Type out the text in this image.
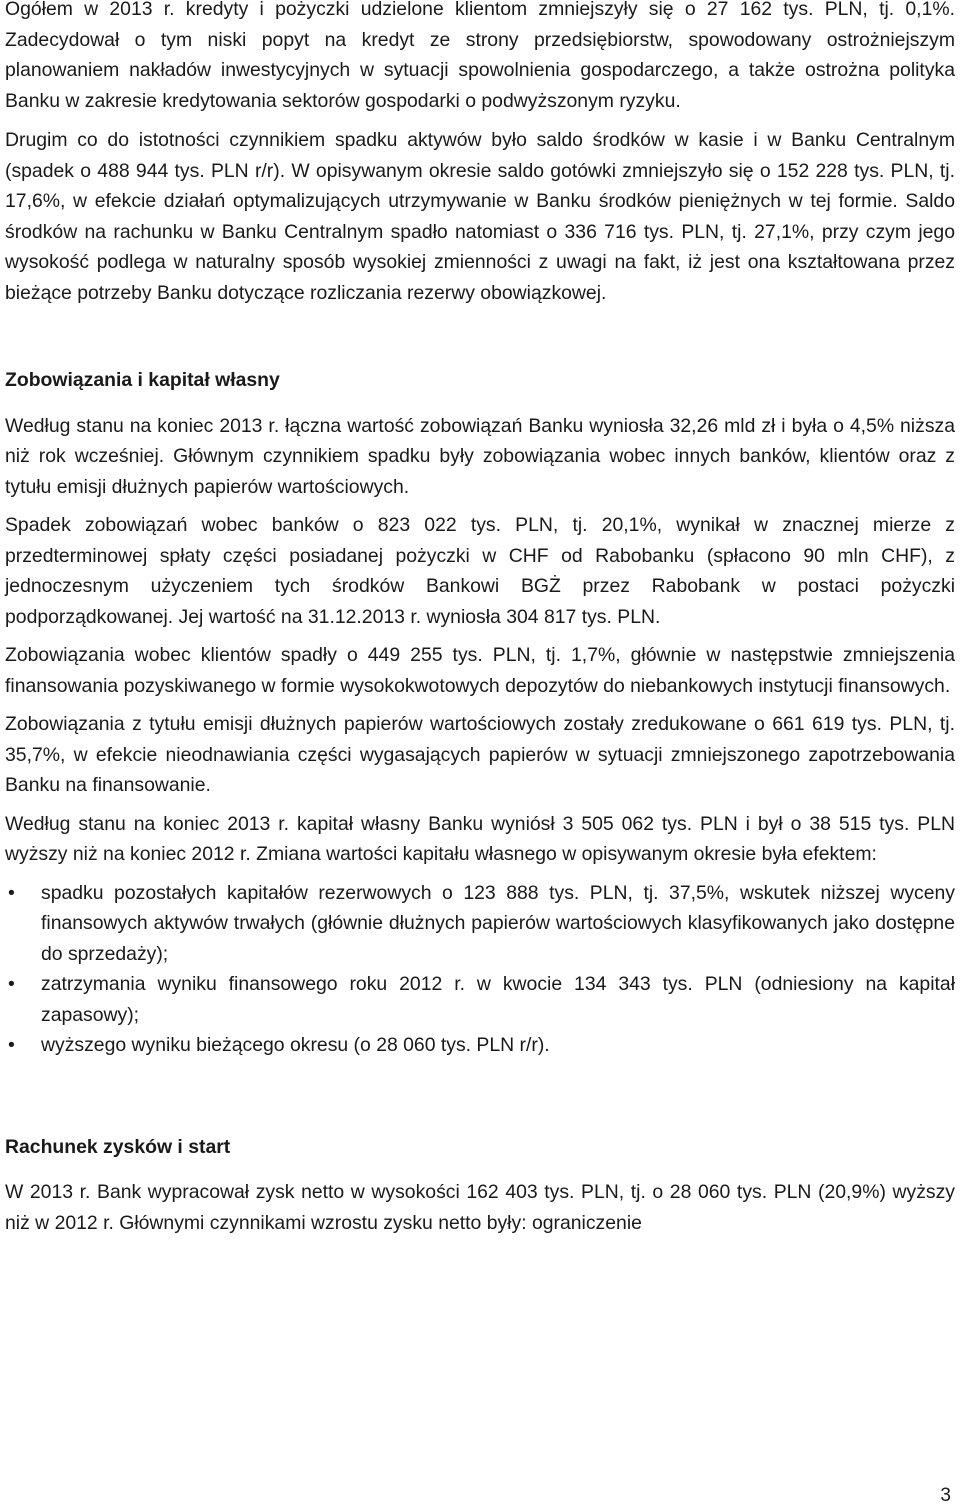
Ogółem w 2013 r. kredyty i pożyczki udzielone klientom zmniejszyły się o 27 162 tys. PLN, tj. 0,1%. Zadecydował o tym niski popyt na kredyt ze strony przedsiębiorstw, spowodowany ostrożniejszym planowaniem nakładów inwestycyjnych w sytuacji spowolnienia gospodarczego, a także ostrożna polityka Banku w zakresie kredytowania sektorów gospodarki o podwyższonym ryzyku.

Drugim co do istotności czynnikiem spadku aktywów było saldo środków w kasie i w Banku Centralnym (spadek o 488 944 tys. PLN r/r). W opisywanym okresie saldo gotówki zmniejszyło się o 152 228 tys. PLN, tj. 17,6%, w efekcie działań optymalizujących utrzymywanie w Banku środków pieniężnych w tej formie. Saldo środków na rachunku w Banku Centralnym spadło natomiast o 336 716 tys. PLN, tj. 27,1%, przy czym jego wysokość podlega w naturalny sposób wysokiej zmienności z uwagi na fakt, iż jest ona kształtowana przez bieżące potrzeby Banku dotyczące rozliczania rezerwy obowiązkowej.

Zobowiązania i kapitał własny

Według stanu na koniec 2013 r. łączna wartość zobowiązań Banku wyniosła 32,26 mld zł i była o 4,5% niższa niż rok wcześniej. Głównym czynnikiem spadku były zobowiązania wobec innych banków, klientów oraz z tytułu emisji dłużnych papierów wartościowych.

Spadek zobowiązań wobec banków o 823 022 tys. PLN, tj. 20,1%, wynikał w znacznej mierze z przedterminowej spłaty części posiadanej pożyczki w CHF od Rabobanku (spłacono 90 mln CHF), z jednoczesnym użyczeniem tych środków Bankowi BGŻ przez Rabobank w postaci pożyczki podporządkowanej. Jej wartość na 31.12.2013 r. wyniosła 304 817 tys. PLN.

Zobowiązania wobec klientów spadły o 449 255 tys. PLN, tj. 1,7%, głównie w następstwie zmniejszenia finansowania pozyskiwanego w formie wysokokwotowych depozytów do niebankowych instytucji finansowych.

Zobowiązania z tytułu emisji dłużnych papierów wartościowych zostały zredukowane o 661 619 tys. PLN, tj. 35,7%, w efekcie nieodnawiania części wygasających papierów w sytuacji zmniejszonego zapotrzebowania Banku na finansowanie.

Według stanu na koniec 2013 r. kapitał własny Banku wyniósł 3 505 062 tys. PLN i był o 38 515 tys. PLN wyższy niż na koniec 2012 r. Zmiana wartości kapitału własnego w opisywanym okresie była efektem:

•	spadku pozostałych kapitałów rezerwowych o 123 888 tys. PLN, tj. 37,5%, wskutek niższej wyceny finansowych aktywów trwałych (głównie dłużnych papierów wartościowych klasyfikowanych jako dostępne do sprzedaży);
•	zatrzymania wyniku finansowego roku 2012 r. w kwocie 134 343 tys. PLN (odniesiony na kapitał zapasowy);
•	wyższego wyniku bieżącego okresu (o 28 060 tys. PLN r/r).
Rachunek zysków i start

W 2013 r. Bank wypracował zysk netto w wysokości 162 403 tys. PLN, tj. o 28 060 tys. PLN (20,9%) wyższy niż w 2012 r. Głównymi czynnikami wzrostu zysku netto były: ograniczenie

3
